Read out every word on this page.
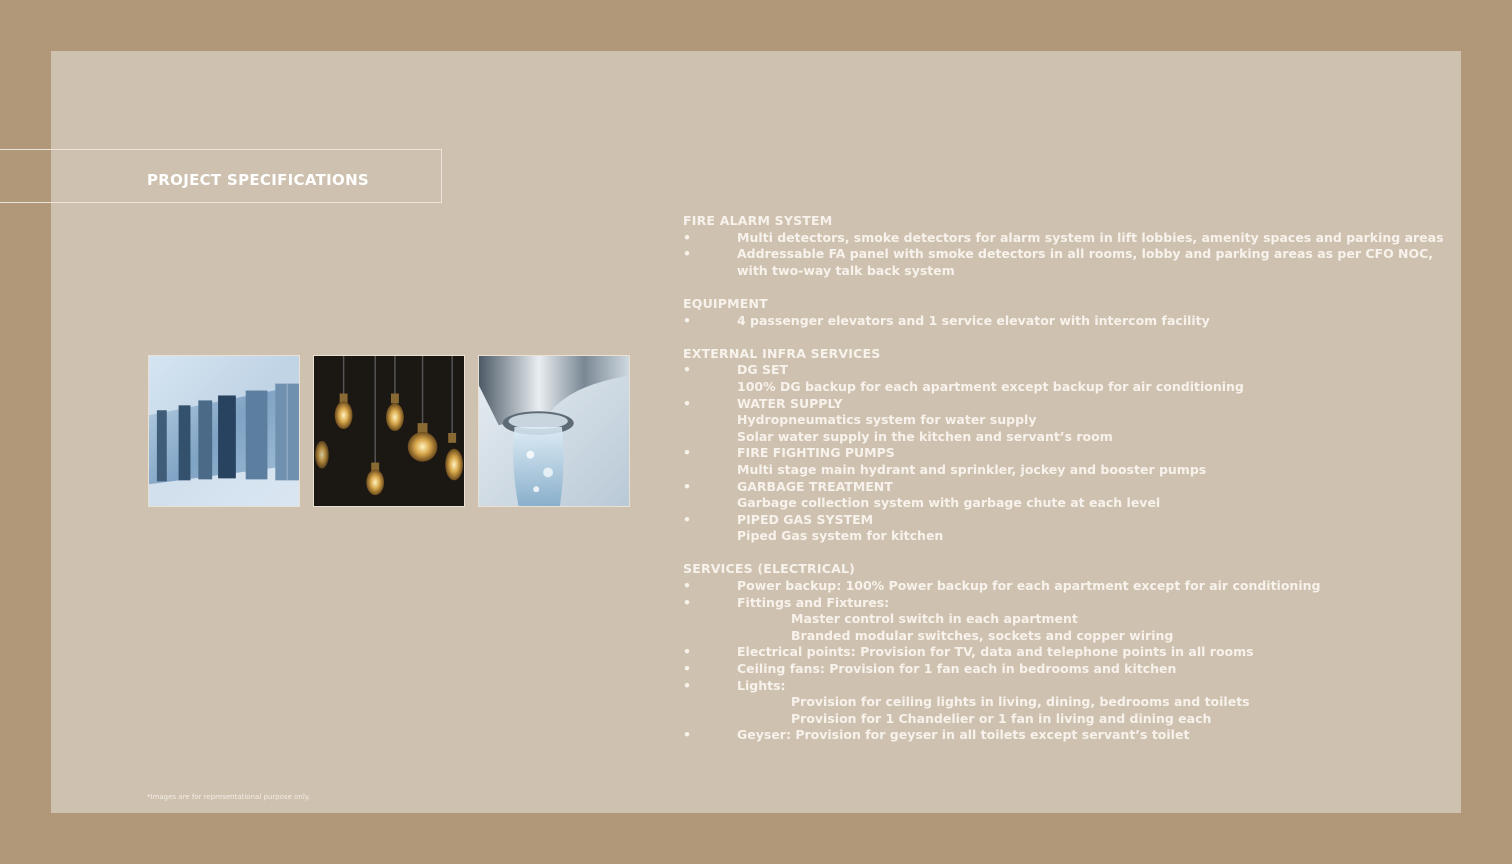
PROJECT SPECIFICATIONS
*Images are for representational purpose only.
FIRE ALARM SYSTEM
•	Multi detectors, smoke detectors for alarm system in lift lobbies, amenity spaces and parking areas
•	Addressable FA panel with smoke detectors in all rooms, lobby and parking areas as per CFO NOC,
with two-way talk back system
EQUIPMENT
•	4 passenger elevators and 1 service elevator with intercom facility
EXTERNAL INFRA SERVICES
•	DG SET
100% DG backup for each apartment except backup for air conditioning
•	WATER SUPPLY
Hydropneumatics system for water supply
Solar water supply in the kitchen and servant’s room
•	FIRE FIGHTING PUMPS
Multi stage main hydrant and sprinkler, jockey and booster pumps
•	GARBAGE TREATMENT
Garbage collection system with garbage chute at each level
•	PIPED GAS SYSTEM
Piped Gas system for kitchen
SERVICES (ELECTRICAL)
•	Power backup: 100% Power backup for each apartment except for air conditioning
•	Fittings and Fixtures:
Master control switch in each apartment
Branded modular switches, sockets and copper wiring
•	Electrical points: Provision for TV, data and telephone points in all rooms
•	Ceiling fans: Provision for 1 fan each in bedrooms and kitchen
•	Lights:
Provision for ceiling lights in living, dining, bedrooms and toilets
Provision for 1 Chandelier or 1 fan in living and dining each
•	Geyser: Provision for geyser in all toilets except servant’s toilet
